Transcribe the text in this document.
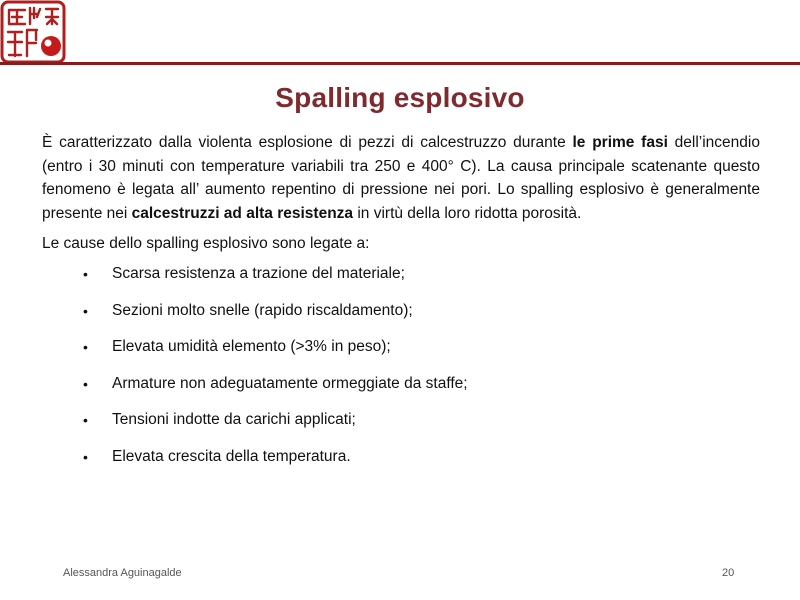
Spalling esplosivo

È caratterizzato dalla violenta esplosione di pezzi di calcestruzzo durante le prime fasi dell’incendio (entro i 30 minuti con temperature variabili tra 250 e 400° C). La causa principale scatenante questo fenomeno è legata all’ aumento repentino di pressione nei pori. Lo spalling esplosivo è generalmente presente nei calcestruzzi ad alta resistenza in virtù della loro ridotta porosità.

Le cause dello spalling esplosivo sono legate a:

•	Scarsa resistenza a trazione del materiale;
•	Sezioni molto snelle (rapido riscaldamento);
•	Elevata umidità elemento (>3% in peso);
•	Armature non adeguatamente ormeggiate da staffe;
•	Tensioni indotte da carichi applicati;
•	Elevata crescita della temperatura.
Alessandra Aguinagalde	20
